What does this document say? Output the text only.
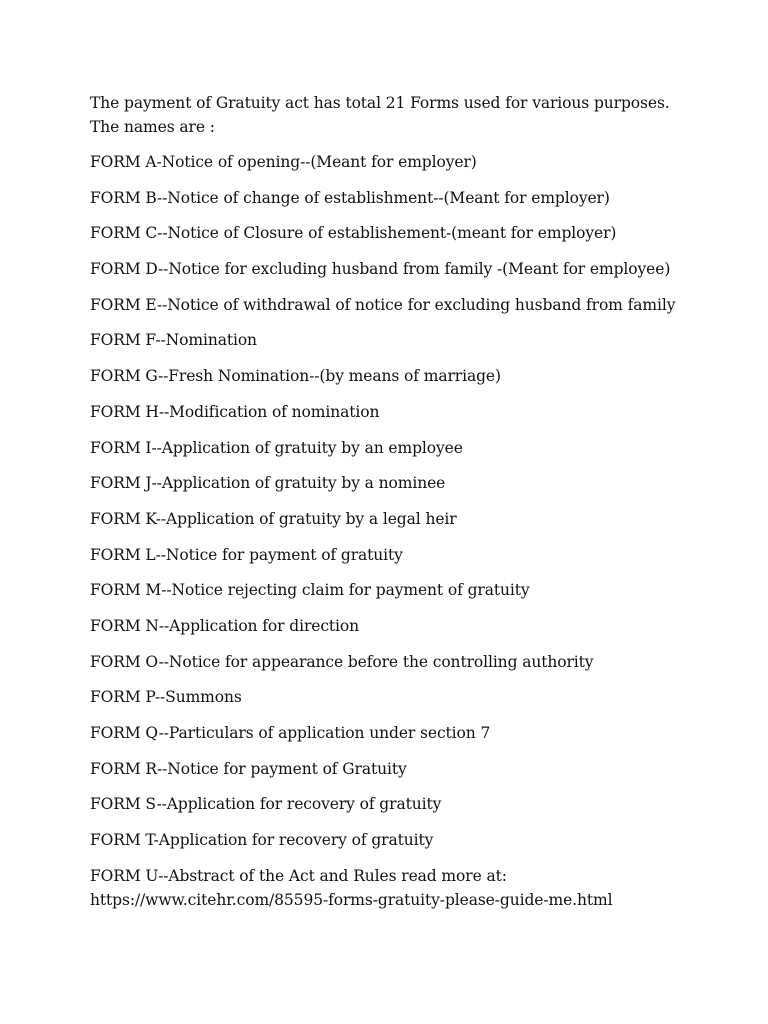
The payment of Gratuity act has total 21 Forms used for various purposes. The names are :

FORM A-Notice of opening--(Meant for employer)
FORM B--Notice of change of establishment--(Meant for employer)
FORM C--Notice of Closure of establishement-(meant for employer)
FORM D--Notice for excluding husband from family -(Meant for employee)
FORM E--Notice of withdrawal of notice for excluding husband from family
FORM F--Nomination
FORM G--Fresh Nomination--(by means of marriage)
FORM H--Modification of nomination
FORM I--Application of gratuity by an employee
FORM J--Application of gratuity by a nominee
FORM K--Application of gratuity by a legal heir
FORM L--Notice for payment of gratuity
FORM M--Notice rejecting claim for payment of gratuity
FORM N--Application for direction
FORM O--Notice for appearance before the controlling authority
FORM P--Summons
FORM Q--Particulars of application under section 7
FORM R--Notice for payment of Gratuity
FORM S--Application for recovery of gratuity
FORM T-Application for recovery of gratuity
FORM U--Abstract of the Act and Rules read more at:
https://www.citehr.com/85595-forms-gratuity-please-guide-me.html
